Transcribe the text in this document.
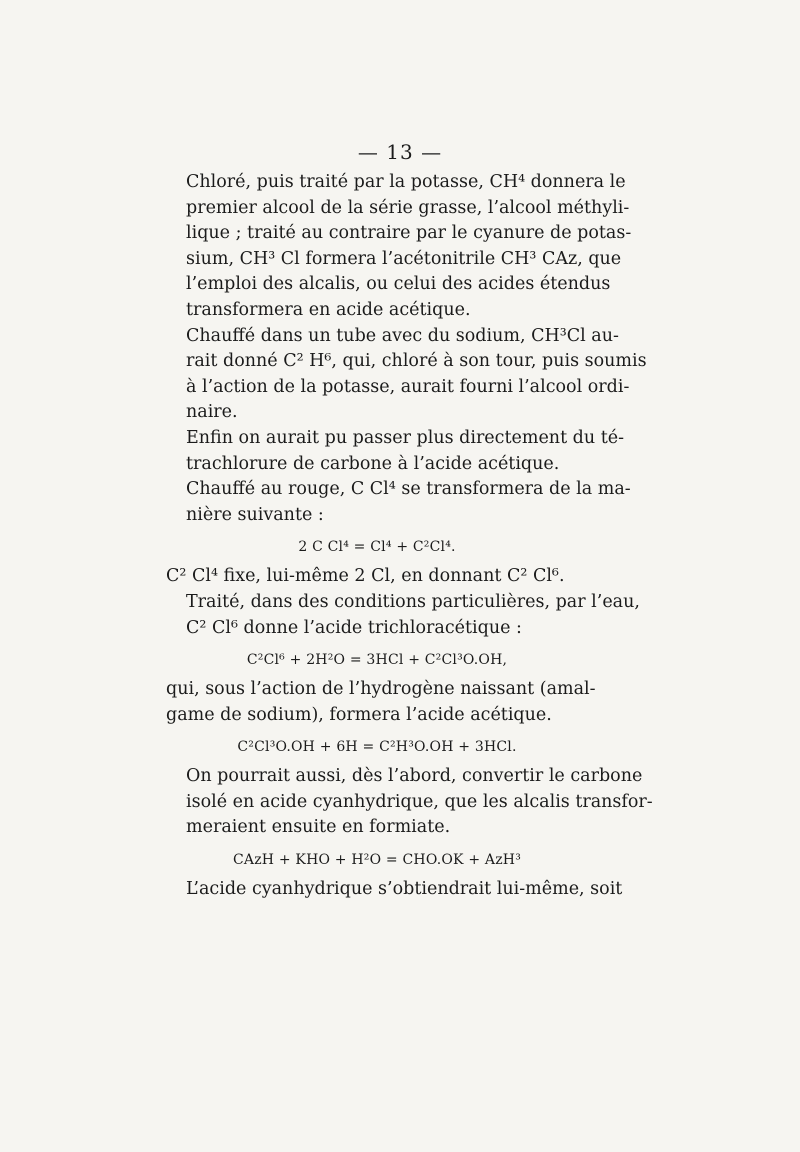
— 13 —
Chloré, puis traité par la potasse, CH⁴ donnera le
premier alcool de la série grasse, l’alcool méthyli-
lique ; traité au contraire par le cyanure de potas-
sium, CH³ Cl formera l’acétonitrile CH³ CAz, que
l’emploi des alcalis, ou celui des acides étendus
transformera en acide acétique.
Chauffé dans un tube avec du sodium, CH³Cl au-
rait donné C² H⁶, qui, chloré à son tour, puis soumis
à l’action de la potasse, aurait fourni l’alcool ordi-
naire.
Enfin on aurait pu passer plus directement du té-
trachlorure de carbone à l’acide acétique.
Chauffé au rouge, C Cl⁴ se transformera de la ma-
nière suivante :
2 C Cl⁴ = Cl⁴ + C²Cl⁴.
C² Cl⁴ fixe, lui-même 2 Cl, en donnant C² Cl⁶.
Traité, dans des conditions particulières, par l’eau,
C² Cl⁶ donne l’acide trichloracétique :
C²Cl⁶ + 2H²O = 3HCl + C²Cl³O.OH,
qui, sous l’action de l’hydrogène naissant (amal-
game de sodium), formera l’acide acétique.
C²Cl³O.OH + 6H = C²H³O.OH + 3HCl.
On pourrait aussi, dès l’abord, convertir le carbone
isolé en acide cyanhydrique, que les alcalis transfor-
meraient ensuite en formiate.
CAzH + KHO + H²O = CHO.OK + AzH³
L’acide cyanhydrique s’obtiendrait lui-même, soit
